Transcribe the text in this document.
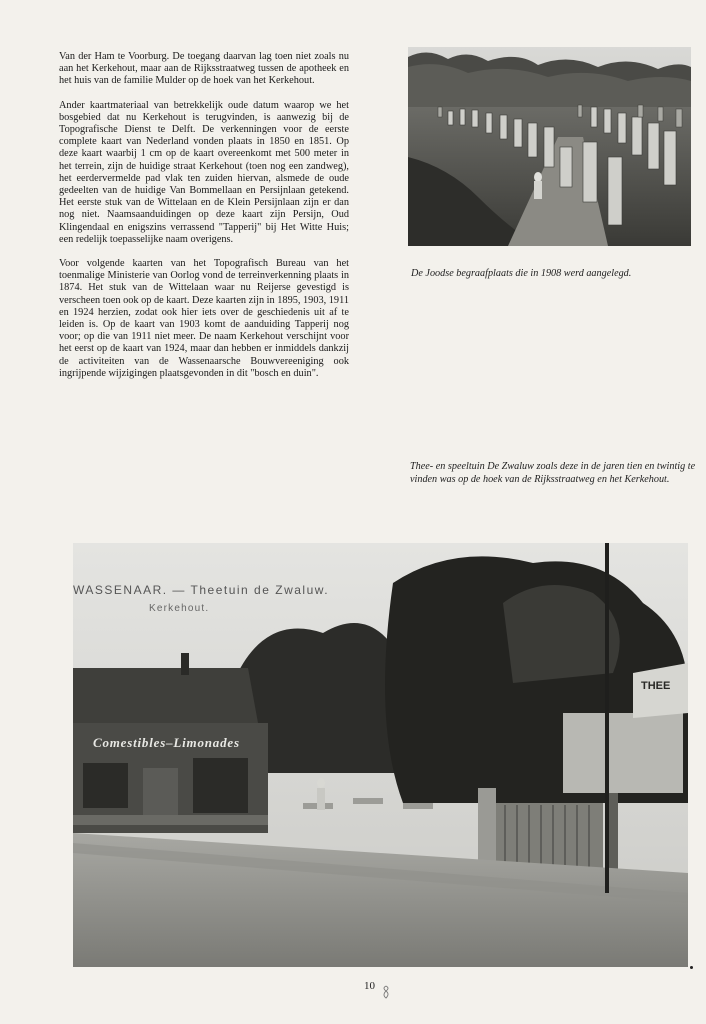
Van der Ham te Voorburg. De toegang daarvan lag toen niet zoals nu aan het Kerkehout, maar aan de Rijksstraatweg tussen de apotheek en het huis van de familie Mulder op de hoek van het Kerkehout.

Ander kaartmateriaal van betrekkelijk oude datum waarop we het bosgebied dat nu Kerkehout is terugvinden, is aanwezig bij de Topografische Dienst te Delft. De verkenningen voor de eerste complete kaart van Nederland vonden plaats in 1850 en 1851. Op deze kaart waarbij 1 cm op de kaart overeenkomt met 500 meter in het terrein, zijn de huidige straat Kerkehout (toen nog een zandweg), het eerdervermelde pad vlak ten zuiden hiervan, alsmede de oude gedeelten van de huidige Van Bommellaan en Persijnlaan getekend. Het eerste stuk van de Wittelaan en de Klein Persijnlaan zijn er dan nog niet. Naamsaanduidingen op deze kaart zijn Persijn, Oud Klingendaal en enigszins verrassend "Tapperij" bij Het Witte Huis; een redelijk toepasselijke naam overigens.

Voor volgende kaarten van het Topografisch Bureau van het toenmalige Ministerie van Oorlog vond de terreinverkenning plaats in 1874. Het stuk van de Wittelaan waar nu Reijerse gevestigd is verscheen toen ook op de kaart. Deze kaarten zijn in 1895, 1903, 1911 en 1924 herzien, zodat ook hier iets over de geschiedenis uit af te leiden is. Op de kaart van 1903 komt de aanduiding Tapperij nog voor; op die van 1911 niet meer. De naam Kerkehout verschijnt voor het eerst op de kaart van 1924, maar dan hebben er inmiddels dankzij de activiteiten van de Wassenaarsche Bouwvereeniging ook ingrijpende wijzigingen plaatsgevonden in dit "bosch en duin".

De Joodse begraafplaats die in 1908 werd aangelegd.
Thee- en speeltuin De Zwaluw zoals deze in de jaren tien en twintig te vinden was op de hoek van de Rijksstraatweg en het Kerkehout.
WASSENAAR. — Theetuin de Zwaluw.
Kerkehout.
Comestibles–Limonades
THEE
10
